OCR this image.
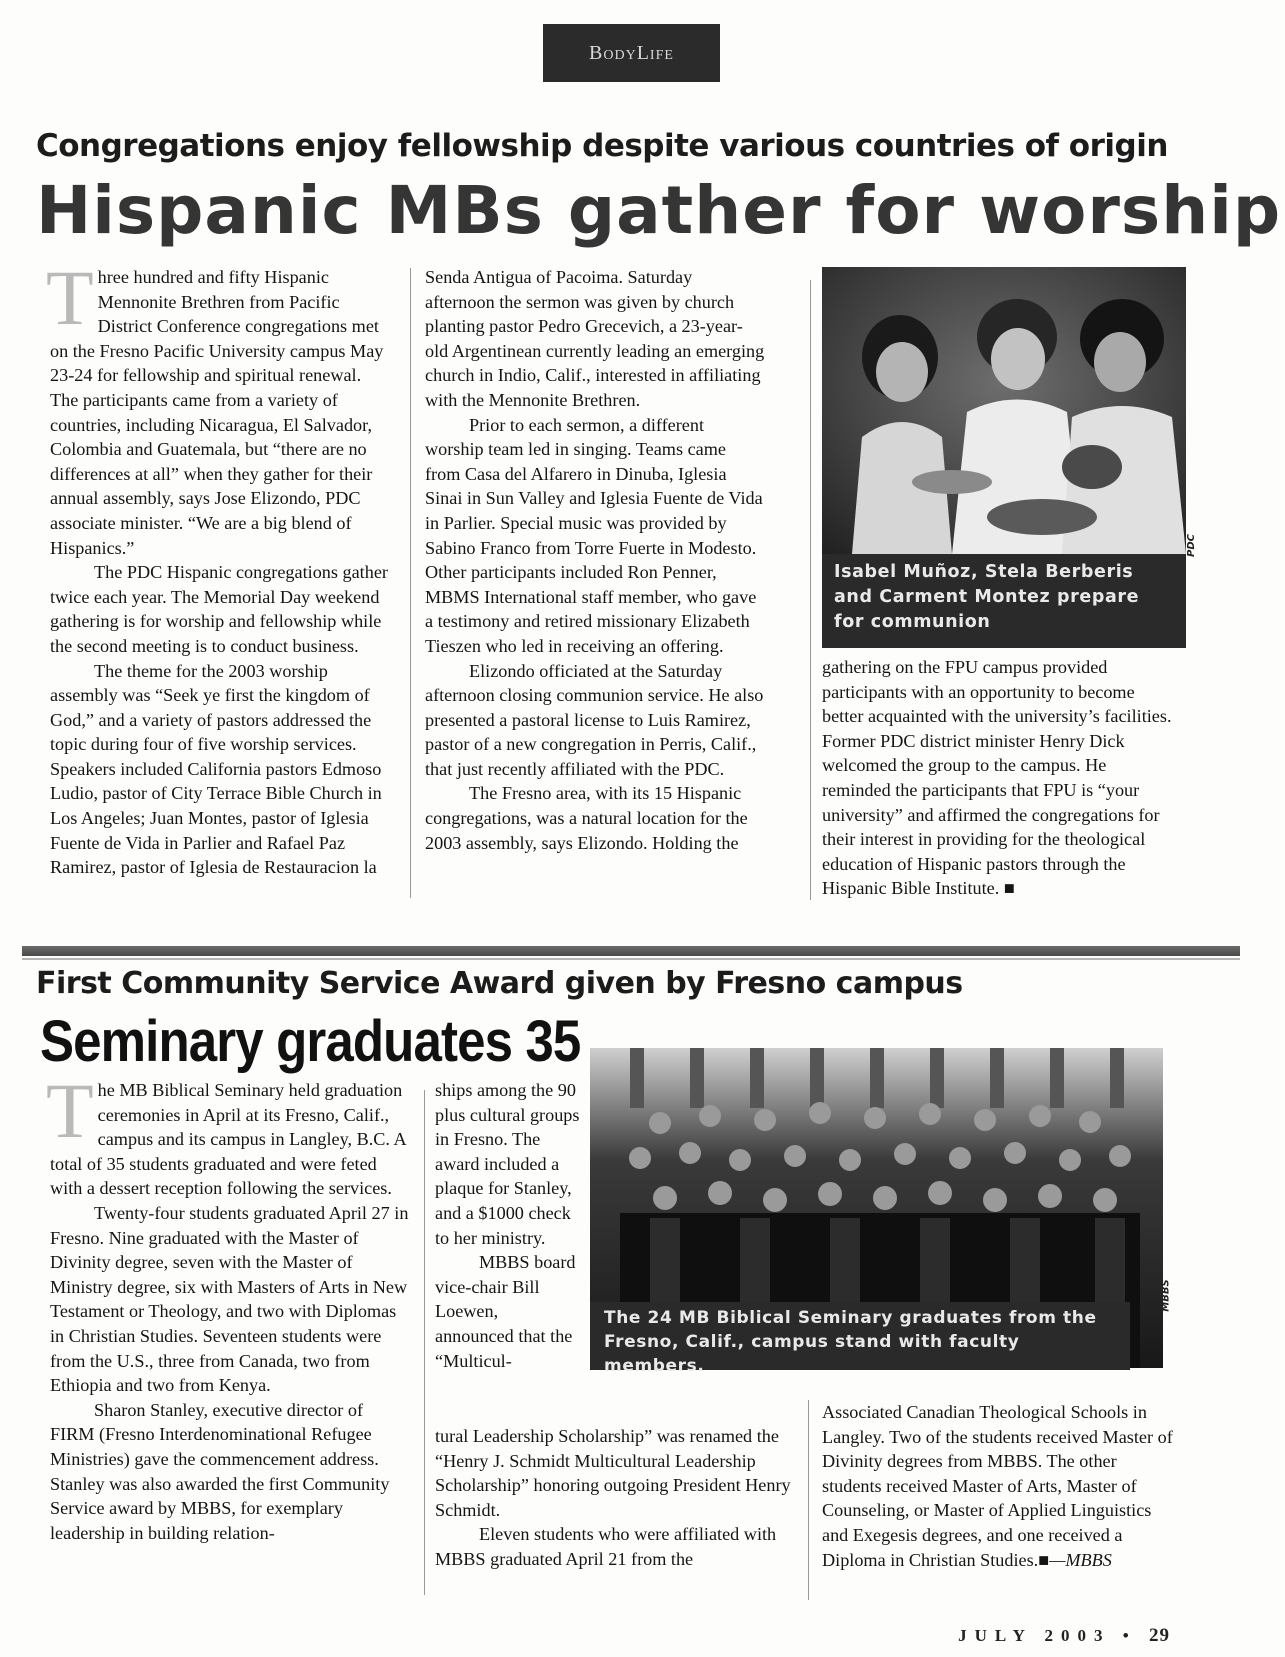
BodyLife
Congregations enjoy fellowship despite various countries of origin
Hispanic MBs gather for worship

Three hundred and fifty Hispanic Mennonite Brethren from Pacific District Conference congregations met on the Fresno Pacific University campus May 23-24 for fellowship and spiritual renewal. The participants came from a variety of countries, including Nicaragua, El Salvador, Colombia and Guatemala, but “there are no differences at all” when they gather for their annual assembly, says Jose Elizondo, PDC associate minister. “We are a big blend of Hispanics.”

The PDC Hispanic congregations gather twice each year. The Memorial Day weekend gathering is for worship and fellowship while the second meeting is to conduct business.

The theme for the 2003 worship assembly was “Seek ye first the kingdom of God,” and a variety of pastors addressed the topic during four of five worship services. Speakers included California pastors Edmoso Ludio, pastor of City Terrace Bible Church in Los Angeles; Juan Montes, pastor of Iglesia Fuente de Vida in Parlier and Rafael Paz Ramirez, pastor of Iglesia de Restauracion la

Senda Antigua of Pacoima. Saturday afternoon the sermon was given by church planting pastor Pedro Grecevich, a 23-year-old Argentinean currently leading an emerging church in Indio, Calif., interested in affiliating with the Mennonite Brethren.

Prior to each sermon, a different worship team led in singing. Teams came from Casa del Alfarero in Dinuba, Iglesia Sinai in Sun Valley and Iglesia Fuente de Vida in Parlier. Special music was provided by Sabino Franco from Torre Fuerte in Modesto. Other participants included Ron Penner, MBMS International staff member, who gave a testimony and retired missionary Elizabeth Tieszen who led in receiving an offering.

Elizondo officiated at the Saturday afternoon closing communion service. He also presented a pastoral license to Luis Ramirez, pastor of a new congregation in Perris, Calif., that just recently affiliated with the PDC.

The Fresno area, with its 15 Hispanic congregations, was a natural location for the 2003 assembly, says Elizondo. Holding the

Isabel Muñoz, Stela Berberis and Carment Montez prepare for communion
PDC

gathering on the FPU campus provided participants with an opportunity to become better acquainted with the university’s facilities. Former PDC district minister Henry Dick welcomed the group to the campus. He reminded the participants that FPU is “your university” and affirmed the congregations for their interest in providing for the theological education of Hispanic pastors through the Hispanic Bible Institute. ■

First Community Service Award given by Fresno campus
Seminary graduates 35

The MB Biblical Seminary held graduation ceremonies in April at its Fresno, Calif., campus and its campus in Langley, B.C. A total of 35 students graduated and were feted with a dessert reception following the services.

Twenty-four students graduated April 27 in Fresno. Nine graduated with the Master of Divinity degree, seven with the Master of Ministry degree, six with Masters of Arts in New Testament or Theology, and two with Diplomas in Christian Studies. Seventeen students were from the U.S., three from Canada, two from Ethiopia and two from Kenya.

Sharon Stanley, executive director of FIRM (Fresno Interdenominational Refugee Ministries) gave the commencement address. Stanley was also awarded the first Community Service award by MBBS, for exemplary leadership in building relation-

ships among the 90 plus cultural groups in Fresno. The award included a plaque for Stanley, and a $1000 check to her ministry.

MBBS board vice-chair Bill Loewen, announced that the “Multicul-

The 24 MB Biblical Seminary graduates from the Fresno, Calif., campus stand with faculty members.
MBBS

tural Leadership Scholarship” was renamed the “Henry J. Schmidt Multicultural Leadership Scholarship” honoring outgoing President Henry Schmidt.

Eleven students who were affiliated with MBBS graduated April 21 from the

Associated Canadian Theological Schools in Langley. Two of the students received Master of Divinity degrees from MBBS. The other students received Master of Arts, Master of Counseling, or Master of Applied Linguistics and Exegesis degrees, and one received a Diploma in Christian Studies.■—MBBS

JULY 2003 • 29
